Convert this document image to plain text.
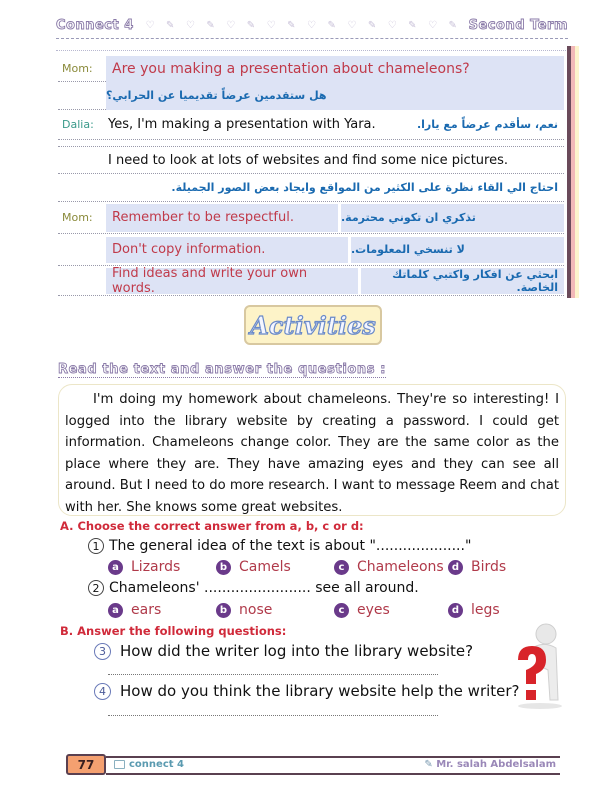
Connect 4 ♡ ✎ ♡ ✎ ♡ ✎ ♡ ✎ ♡ ✎ ♡ ✎ ♡ ✎ ♡ ✎ Second Term
Mom:	Are you making a presentation about chameleons?
هل ستقدمين عرضاً تقديميا عن الحرابي؟
Dalia:	Yes, I'm making a presentation with Yara.	نعم، سأقدم عرضاً مع يارا.
I need to look at lots of websites and find some nice pictures.
احتاج الي القاء نظرة على الكثير من المواقع وايجاد بعض الصور الجميلة.
Mom:	Remember to be respectful.	تذكري ان تكوني محترمة.
Don't copy information.	لا تنسخي المعلومات.
Find ideas and write your own words.
ابحثي عن افكار واكتبي كلماتك الخاصة.
Activities
Read the text and answer the questions :

I'm doing my homework about chameleons. They're so interesting! I logged into the library website by creating a password. I could get information. Chameleons change color. They are the same color as the place where they are. They have amazing eyes and they can see all around. But I need to do more research. I want to message Reem and chat with her. She knows some great websites.

A. Choose the correct answer from a, b, c or d:
1 The general idea of the text is about "...................."
a Lizards	b Camels	c Chameleons d Birds
2 Chameleons' ........................ see all around.
a ears	b nose	c eyes	d legs
B. Answer the following questions:
3 How did the writer log into the library website?
4 How do you think the library website help the writer?
77	connect 4	✎ Mr. salah Abdelsalam
